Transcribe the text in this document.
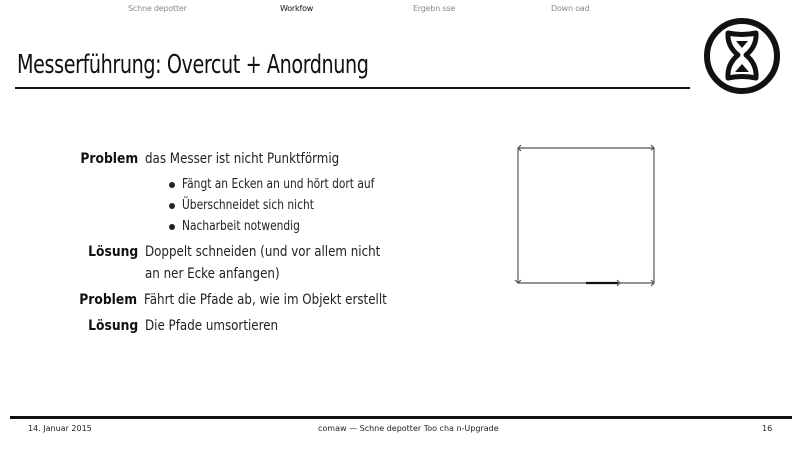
Schne depotter	Workfow	Ergebn sse	Down oad
Messerführung: Overcut + Anordnung
Problem das Messer ist nicht Punktförmig
Fängt an Ecken an und hört dort auf
Überschneidet sich nicht
Nacharbeit notwendig
Lösung Doppelt schneiden (und vor allem nicht
an ner Ecke anfangen)
Problem Fährt die Pfade ab, wie im Objekt erstellt
Lösung Die Pfade umsortieren
14. Januar 2015	comaw — Schne depotter Too cha n-Upgrade	16
